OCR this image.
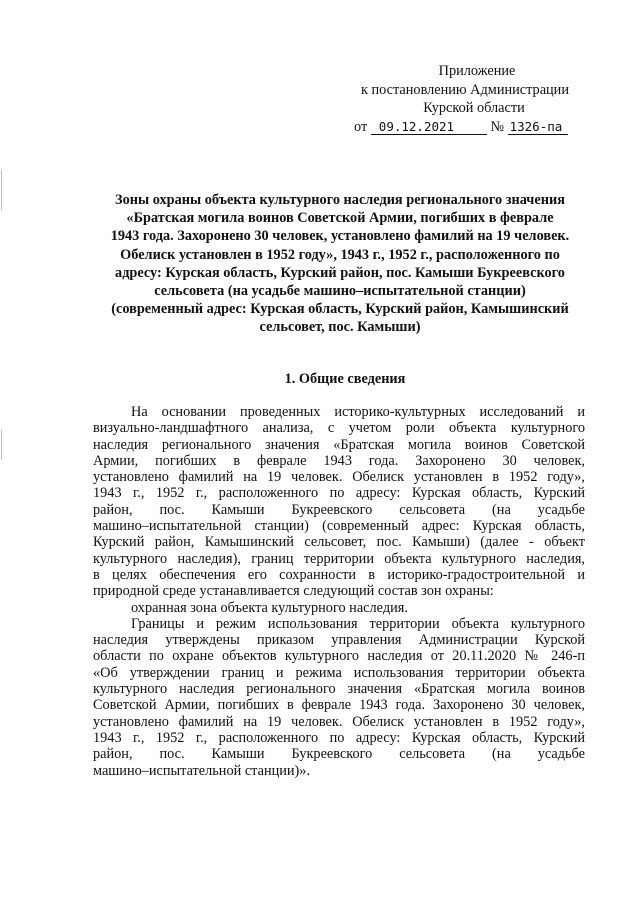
Приложение
к постановлению Администрации
Курской области
от 09.12.2021	№ 1326-па
Зоны охраны объекта культурного наследия регионального значения
«Братская могила воинов Советской Армии, погибших в феврале
1943 года. Захоронено 30 человек, установлено фамилий на 19 человек.
Обелиск установлен в 1952 году», 1943 г., 1952 г., расположенного по
адресу: Курская область, Курский район, пос. Камыши Букреевского
сельсовета (на усадьбе машино–испытательной станции)
(современный адрес: Курская область, Курский район, Камышинский
сельсовет, пос. Камыши)
1. Общие сведения
На основании проведенных историко-культурных исследований и
визуально-ландшафтного анализа, с учетом роли объекта культурного
наследия регионального значения «Братская могила воинов Советской
Армии, погибших в феврале 1943 года. Захоронено 30 человек,
установлено фамилий на 19 человек. Обелиск установлен в 1952 году»,
1943 г., 1952 г., расположенного по адресу: Курская область, Курский
район, пос. Камыши Букреевского сельсовета (на усадьбе
машино–испытательной станции) (современный адрес: Курская область,
Курский район, Камышинский сельсовет, пос. Камыши) (далее - объект
культурного наследия), границ территории объекта культурного наследия,
в целях обеспечения его сохранности в историко-градостроительной и
природной среде устанавливается следующий состав зон охраны:
охранная зона объекта культурного наследия.
Границы и режим использования территории объекта культурного
наследия утверждены приказом управления Администрации Курской
области по охране объектов культурного наследия от 20.11.2020 № 246-п
«Об утверждении границ и режима использования территории объекта
культурного наследия регионального значения «Братская могила воинов
Советской Армии, погибших в феврале 1943 года. Захоронено 30 человек,
установлено фамилий на 19 человек. Обелиск установлен в 1952 году»,
1943 г., 1952 г., расположенного по адресу: Курская область, Курский
район, пос. Камыши Букреевского сельсовета (на усадьбе
машино–испытательной станции)».
